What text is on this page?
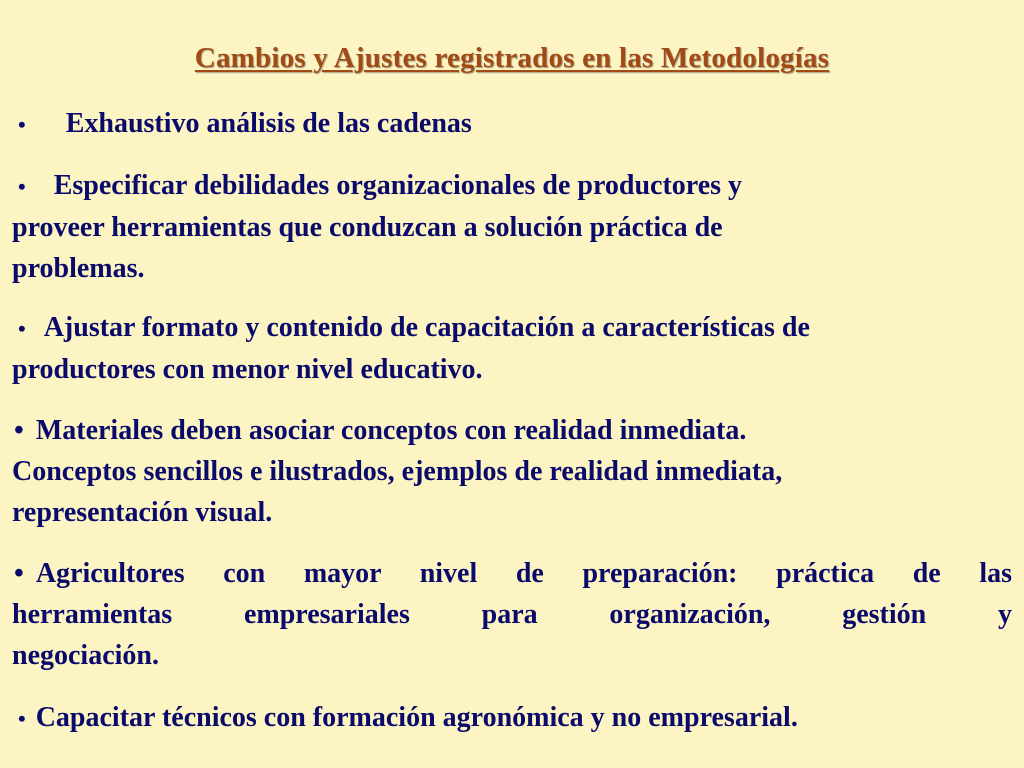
Cambios y Ajustes registrados en las Metodologías
• Exhaustivo análisis de las cadenas
• Especificar debilidades organizacionales de productores y
proveer herramientas que conduzcan a solución práctica de
problemas.
• Ajustar formato y contenido de capacitación a características de
productores con menor nivel educativo.
• Materiales deben asociar conceptos con realidad inmediata.
Conceptos sencillos e ilustrados, ejemplos de realidad inmediata,
representación visual.
• Agricultores con mayor nivel de preparación: práctica de las
herramientas empresariales para organización, gestión y
negociación.
• Capacitar técnicos con formación agronómica y no empresarial.
